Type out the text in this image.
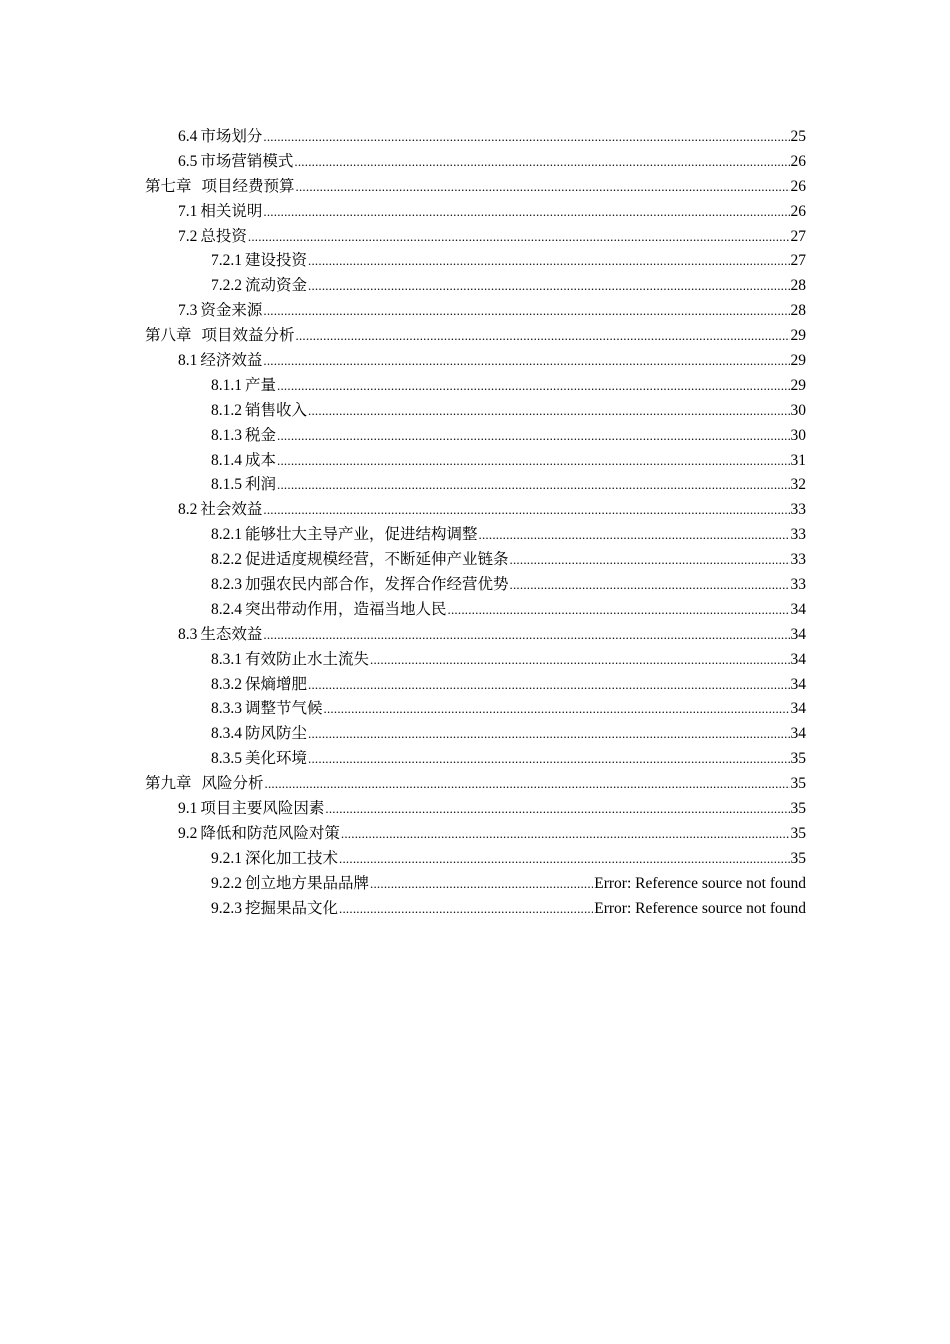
6.4 市场划分 .....	25
6.5 市场营销模式 .....	26
第七章 项目经费预算 .....	26
7.1 相关说明 .....	26
7.2 总投资 .....	27
7.2.1 建设投资 .....	27
7.2.2 流动资金 .....	28
7.3 资金来源 .....	28
第八章 项目效益分析 .....	29
8.1 经济效益 .....	29
8.1.1 产量 .....	29
8.1.2 销售收入 .....	30
8.1.3 税金 .....	30
8.1.4 成本 .....	31
8.1.5 利润 .....	32
8.2 社会效益 .....	33
8.2.1 能够壮大主导产业，促进结构调整 .....	33
8.2.2 促进适度规模经营，不断延伸产业链条 .....	33
8.2.3 加强农民内部合作，发挥合作经营优势 .....	33
8.2.4 突出带动作用，造福当地人民 .....	34
8.3 生态效益 .....	34
8.3.1 有效防止水土流失 .....	34
8.3.2 保熵增肥 .....	34
8.3.3 调整节气候 .....	34
8.3.4 防风防尘 .....	34
8.3.5 美化环境 .....	35
第九章 风险分析 .....	35
9.1 项目主要风险因素 .....	35
9.2 降低和防范风险对策 .....	35
9.2.1 深化加工技术 .....	35
9.2.2 创立地方果品品牌 .....	Error: Reference source not found
9.2.3 挖掘果品文化 .....	Error: Reference source not found
